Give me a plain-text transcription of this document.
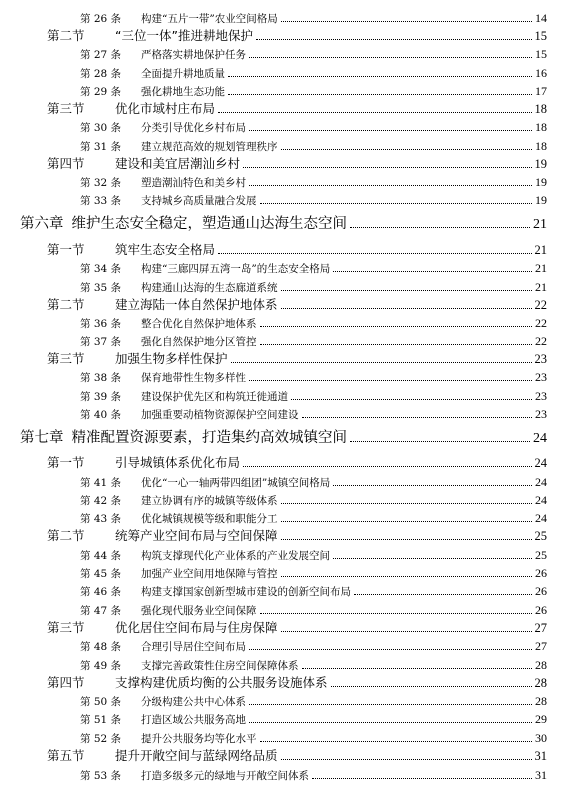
第 26 条	构建“五片一带”农业空间格局	14
第二节	“三位一体”推进耕地保护	15
第 27 条	严格落实耕地保护任务	15
第 28 条	全面提升耕地质量	16
第 29 条	强化耕地生态功能	17
第三节	优化市域村庄布局	18
第 30 条	分类引导优化乡村布局	18
第 31 条	建立规范高效的规划管理秩序	18
第四节	建设和美宜居潮汕乡村	19
第 32 条	塑造潮汕特色和美乡村	19
第 33 条	支持城乡高质量融合发展	19
第六章 维护生态安全稳定，塑造通山达海生态空间	21
第一节	筑牢生态安全格局	21
第 34 条	构建“三廊四屏五湾一岛”的生态安全格局	21
第 35 条	构建通山达海的生态廊道系统	21
第二节	建立海陆一体自然保护地体系	22
第 36 条	整合优化自然保护地体系	22
第 37 条	强化自然保护地分区管控	22
第三节	加强生物多样性保护	23
第 38 条	保育地带性生物多样性	23
第 39 条	建设保护优先区和构筑迁徙通道	23
第 40 条	加强重要动植物资源保护空间建设	23
第七章 精准配置资源要素，打造集约高效城镇空间	24
第一节	引导城镇体系优化布局	24
第 41 条	优化“一心一轴两带四组团”城镇空间格局	24
第 42 条	建立协调有序的城镇等级体系	24
第 43 条	优化城镇规模等级和职能分工	24
第二节	统筹产业空间布局与空间保障	25
第 44 条	构筑支撑现代化产业体系的产业发展空间	25
第 45 条	加强产业空间用地保障与管控	26
第 46 条	构建支撑国家创新型城市建设的创新空间布局	26
第 47 条	强化现代服务业空间保障	26
第三节	优化居住空间布局与住房保障	27
第 48 条	合理引导居住空间布局	27
第 49 条	支撑完善政策性住房空间保障体系	28
第四节	支撑构建优质均衡的公共服务设施体系	28
第 50 条	分级构建公共中心体系	28
第 51 条	打造区域公共服务高地	29
第 52 条	提升公共服务均等化水平	30
第五节	提升开敞空间与蓝绿网络品质	31
第 53 条	打造多级多元的绿地与开敞空间体系	31
